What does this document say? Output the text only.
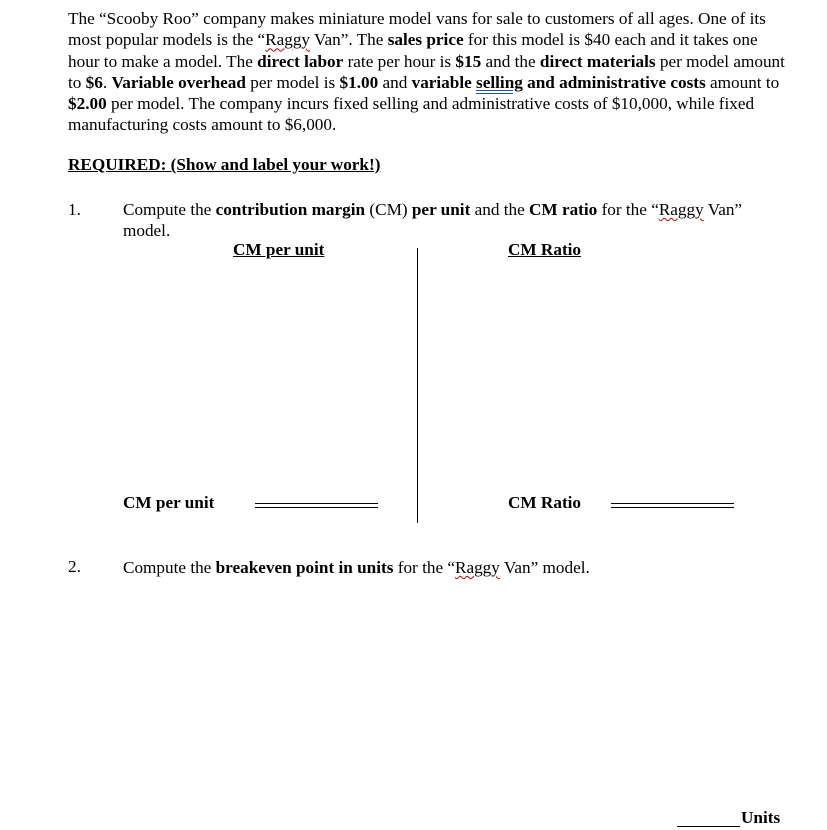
The “Scooby Roo” company makes miniature model vans for sale to customers of all ages. One of its most popular models is the “Raggy Van”. The sales price for this model is $40 each and it takes one hour to make a model. The direct labor rate per hour is $15 and the direct materials per model amount to $6. Variable overhead per model is $1.00 and variable selling and administrative costs amount to $2.00 per model. The company incurs fixed selling and administrative costs of $10,000, while fixed manufacturing costs amount to $6,000.
REQUIRED: (Show and label your work!)
1. Compute the contribution margin (CM) per unit and the CM ratio for the “Raggy Van” model.
CM per unit	CM Ratio
CM per unit	CM Ratio
2. Compute the breakeven point in units for the “Raggy Van” model.
Units
